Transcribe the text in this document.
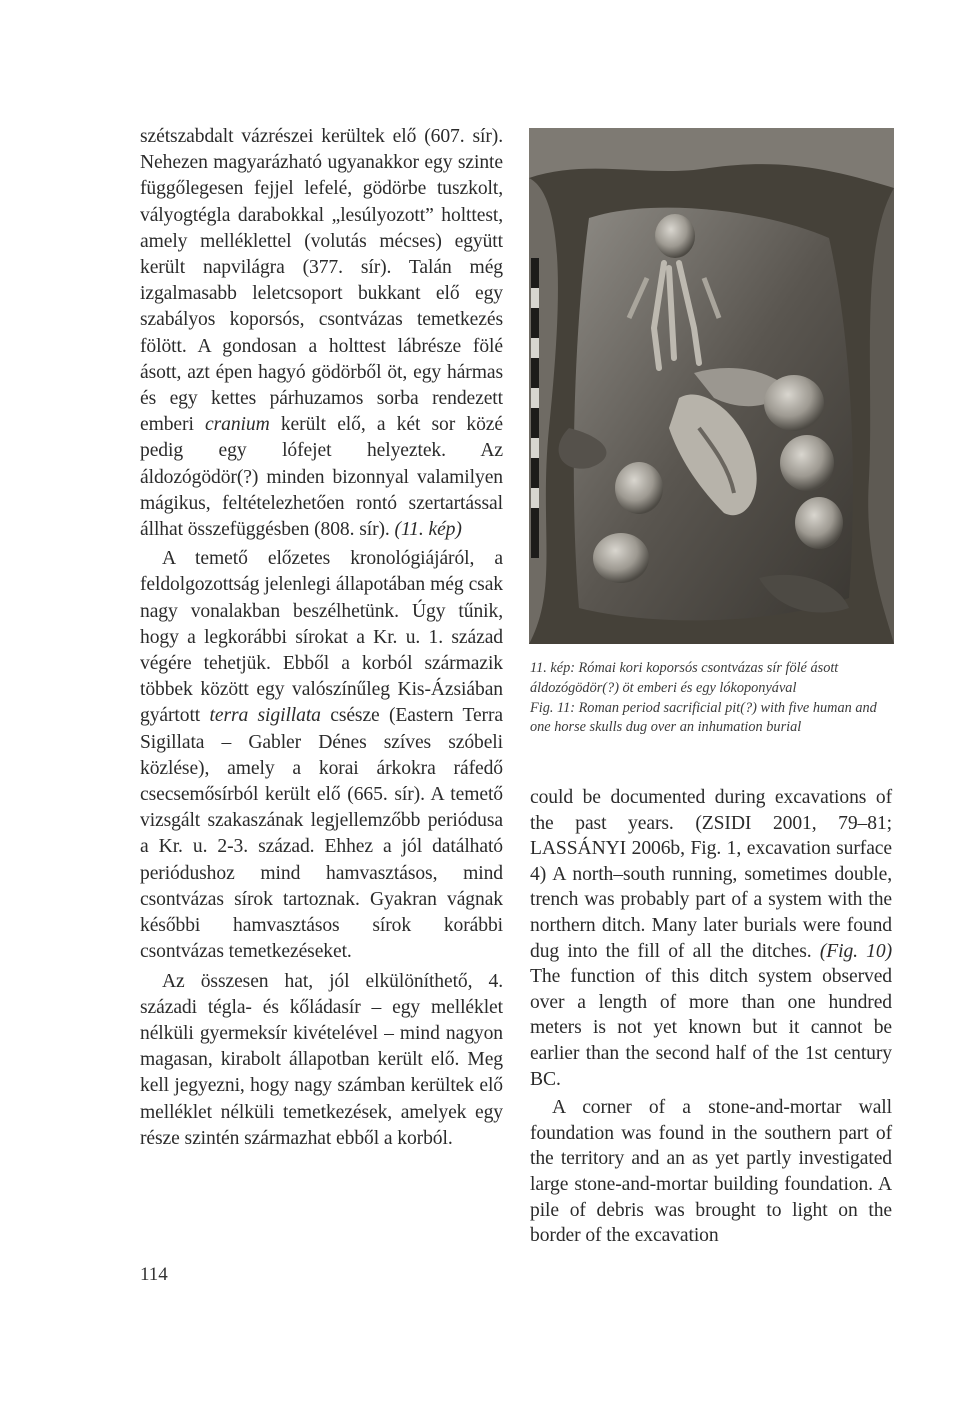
szétszabdalt vázrészei kerültek elő (607. sír). Nehezen magyarázható ugyanakkor egy szinte függőlegesen fejjel lefelé, gödörbe tuszkolt, vályogtégla darabokkal „lesúlyozott” holttest, amely melléklettel (volutás mécses) együtt került napvilágra (377. sír). Talán még izgalmasabb leletcsoport bukkant elő egy szabályos koporsós, csontvázas temetkezés fölött. A gondosan a holttest lábrésze fölé ásott, azt épen hagyó gödörből öt, egy hármas és egy kettes párhuzamos sorba rendezett emberi cranium került elő, a két sor közé pedig egy lófejet helyeztek. Az áldozógödör(?) minden bizonnyal valamilyen mágikus, feltételezhetően rontó szertartással állhat összefüggésben (808. sír). (11. kép)

A temető előzetes kronológiájáról, a feldolgozottság jelenlegi állapotában még csak nagy vonalakban beszélhetünk. Úgy tűnik, hogy a legkorábbi sírokat a Kr. u. 1. század végére tehetjük. Ebből a korból származik többek között egy valószínűleg Kis-Ázsiában gyártott terra sigillata csésze (Eastern Terra Sigillata – Gabler Dénes szíves szóbeli közlése), amely a korai árkokra ráfedő csecsemősírból került elő (665. sír). A temető vizsgált szakaszának legjellemzőbb periódusa a Kr. u. 2-3. század. Ehhez a jól datálható periódushoz mind hamvasztásos, mind csontvázas sírok tartoznak. Gyakran vágnak későbbi hamvasztásos sírok korábbi csontvázas temetkezéseket.

Az összesen hat, jól elkülöníthető, 4. századi tégla- és kőládasír – egy melléklet nélküli gyermeksír kivételével – mind nagyon magasan, kirabolt állapotban került elő. Meg kell jegyezni, hogy nagy számban kerültek elő melléklet nélküli temetkezések, amelyek egy része szintén származhat ebből a korból.

11. kép: Római kori koporsós csontvázas sír fölé ásott áldozógödör(?) öt emberi és egy lókoponyával

Fig. 11: Roman period sacrificial pit(?) with five human and one horse skulls dug over an inhumation burial

could be documented during excavations of the past years. (ZSIDI 2001, 79–81; LASSÁNYI 2006b, Fig. 1, excavation surface 4) A north–south running, sometimes double, trench was probably part of a system with the northern ditch. Many later burials were found dug into the fill of all the ditches. (Fig. 10) The function of this ditch system observed over a length of more than one hundred meters is not yet known but it cannot be earlier than the second half of the 1st century BC.

A corner of a stone-and-mortar wall foundation was found in the southern part of the territory and an as yet partly investigated large stone-and-mortar building foundation. A pile of debris was brought to light on the border of the excavation

114
